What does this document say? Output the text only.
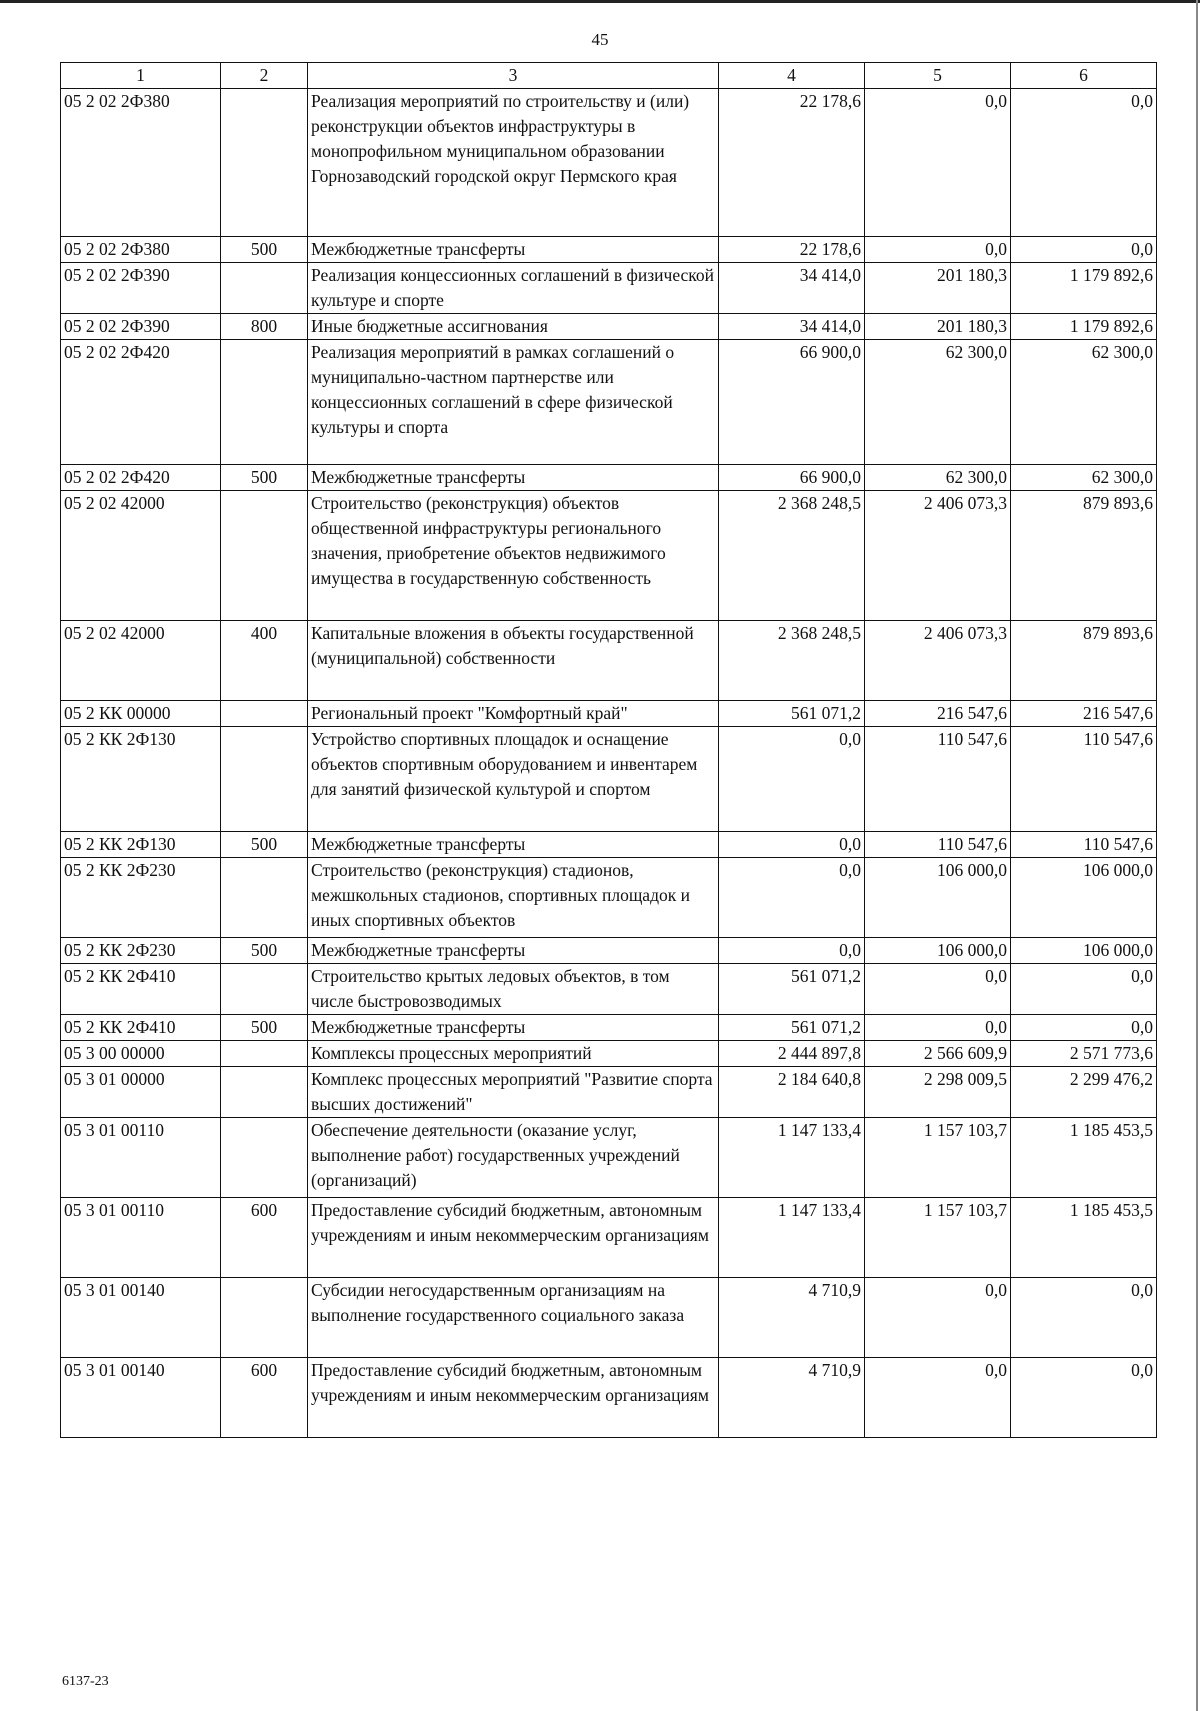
45
1	2	3	4	5	6
05 2 02 2Ф380		Реализация мероприятий по строительству и (или) реконструкции объектов инфраструктуры в монопрофильном муниципальном образовании Горнозаводский городской округ Пермского края	22 178,6	0,0	0,0
05 2 02 2Ф380	500	Межбюджетные трансферты	22 178,6	0,0	0,0
05 2 02 2Ф390		Реализация концессионных соглашений в физической культуре и спорте	34 414,0	201 180,3	1 179 892,6
05 2 02 2Ф390	800	Иные бюджетные ассигнования	34 414,0	201 180,3	1 179 892,6
05 2 02 2Ф420		Реализация мероприятий в рамках соглашений о муниципально-частном партнерстве или концессионных соглашений в сфере физической культуры и спорта	66 900,0	62 300,0	62 300,0
05 2 02 2Ф420	500	Межбюджетные трансферты	66 900,0	62 300,0	62 300,0
05 2 02 42000		Строительство (реконструкция) объектов общественной инфраструктуры регионального значения, приобретение объектов недвижимого имущества в государственную собственность	2 368 248,5	2 406 073,3	879 893,6
05 2 02 42000	400	Капитальные вложения в объекты государственной (муниципальной) собственности	2 368 248,5	2 406 073,3	879 893,6
05 2 КК 00000		Региональный проект "Комфортный край"	561 071,2	216 547,6	216 547,6
05 2 КК 2Ф130		Устройство спортивных площадок и оснащение объектов спортивным оборудованием и инвентарем для занятий физической культурой и спортом	0,0	110 547,6	110 547,6
05 2 КК 2Ф130	500	Межбюджетные трансферты	0,0	110 547,6	110 547,6
05 2 КК 2Ф230		Строительство (реконструкция) стадионов, межшкольных стадионов, спортивных площадок и иных спортивных объектов	0,0	106 000,0	106 000,0
05 2 КК 2Ф230	500	Межбюджетные трансферты	0,0	106 000,0	106 000,0
05 2 КК 2Ф410		Строительство крытых ледовых объектов, в том числе быстровозводимых	561 071,2	0,0	0,0
05 2 КК 2Ф410	500	Межбюджетные трансферты	561 071,2	0,0	0,0
05 3 00 00000		Комплексы процессных мероприятий	2 444 897,8	2 566 609,9	2 571 773,6
05 3 01 00000		Комплекс процессных мероприятий "Развитие спорта высших достижений"	2 184 640,8	2 298 009,5	2 299 476,2
05 3 01 00110		Обеспечение деятельности (оказание услуг, выполнение работ) государственных учреждений (организаций)	1 147 133,4	1 157 103,7	1 185 453,5
05 3 01 00110	600	Предоставление субсидий бюджетным, автономным учреждениям и иным некоммерческим организациям	1 147 133,4	1 157 103,7	1 185 453,5
05 3 01 00140		Субсидии негосударственным организациям на выполнение государственного социального заказа	4 710,9	0,0	0,0
05 3 01 00140	600	Предоставление субсидий бюджетным, автономным учреждениям и иным некоммерческим организациям	4 710,9	0,0	0,0
6137-23
